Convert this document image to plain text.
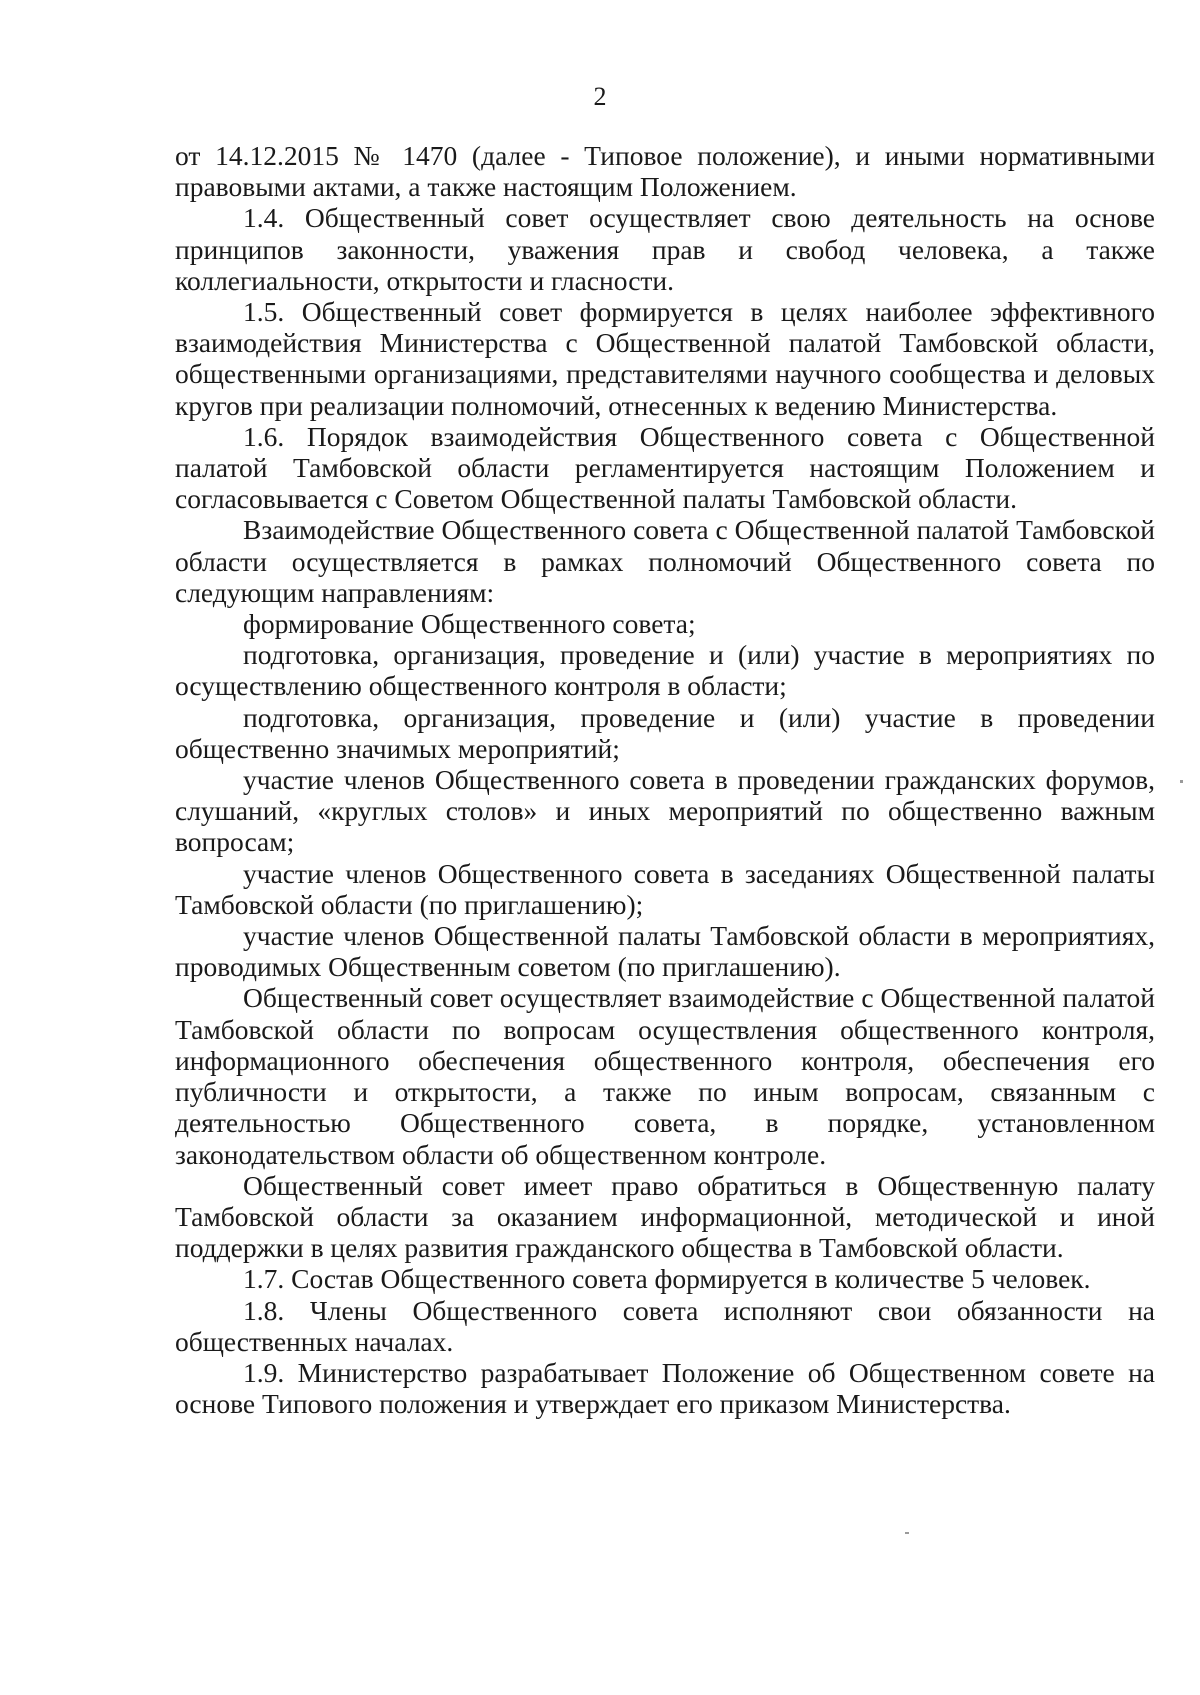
2

от 14.12.2015 № 1470 (далее - Типовое положение), и иными нормативными правовыми актами, а также настоящим Положением.

1.4. Общественный совет осуществляет свою деятельность на основе принципов законности, уважения прав и свобод человека, а также коллегиальности, открытости и гласности.

1.5. Общественный совет формируется в целях наиболее эффективного взаимодействия Министерства с Общественной палатой Тамбовской области, общественными организациями, представителями научного сообщества и деловых кругов при реализации полномочий, отнесенных к ведению Министерства.

1.6. Порядок взаимодействия Общественного совета с Общественной палатой Тамбовской области регламентируется настоящим Положением и согласовывается с Советом Общественной палаты Тамбовской области.

Взаимодействие Общественного совета с Общественной палатой Тамбовской области осуществляется в рамках полномочий Общественного совета по следующим направлениям:

формирование Общественного совета;

подготовка, организация, проведение и (или) участие в мероприятиях по осуществлению общественного контроля в области;

подготовка, организация, проведение и (или) участие в проведении общественно значимых мероприятий;

участие членов Общественного совета в проведении гражданских форумов, слушаний, «круглых столов» и иных мероприятий по общественно важным вопросам;

участие членов Общественного совета в заседаниях Общественной палаты Тамбовской области (по приглашению);

участие членов Общественной палаты Тамбовской области в мероприятиях, проводимых Общественным советом (по приглашению).

Общественный совет осуществляет взаимодействие с Общественной палатой Тамбовской области по вопросам осуществления общественного контроля, информационного обеспечения общественного контроля, обеспечения его публичности и открытости, а также по иным вопросам, связанным с деятельностью Общественного совета, в порядке, установленном законодательством области об общественном контроле.

Общественный совет имеет право обратиться в Общественную палату Тамбовской области за оказанием информационной, методической и иной поддержки в целях развития гражданского общества в Тамбовской области.

1.7. Состав Общественного совета формируется в количестве 5 человек.

1.8. Члены Общественного совета исполняют свои обязанности на общественных началах.

1.9. Министерство разрабатывает Положение об Общественном совете на основе Типового положения и утверждает его приказом Министерства.
